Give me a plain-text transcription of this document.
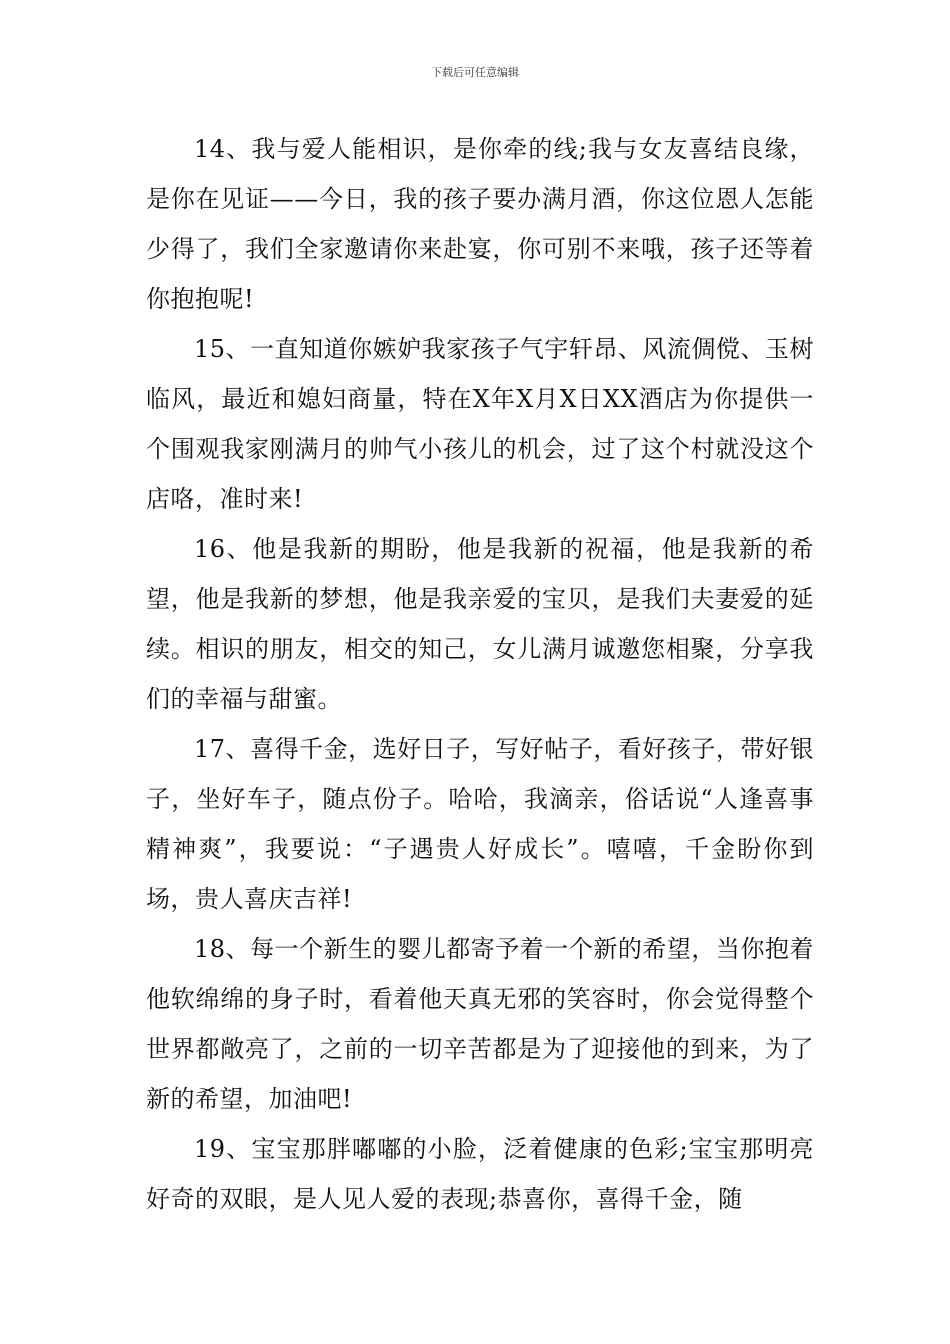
下载后可任意编辑

14、我与爱人能相识，是你牵的线;我与女友喜结良缘，是你在见证——今日，我的孩子要办满月酒，你这位恩人怎能少得了，我们全家邀请你来赴宴，你可别不来哦，孩子还等着你抱抱呢!

15、一直知道你嫉妒我家孩子气宇轩昂、风流倜傥、玉树临风，最近和媳妇商量，特在X年X月X日XX酒店为你提供一个围观我家刚满月的帅气小孩儿的机会，过了这个村就没这个店咯，准时来!

16、他是我新的期盼，他是我新的祝福，他是我新的希望，他是我新的梦想，他是我亲爱的宝贝，是我们夫妻爱的延续。相识的朋友，相交的知己，女儿满月诚邀您相聚，分享我们的幸福与甜蜜。

17、喜得千金，选好日子，写好帖子，看好孩子，带好银子，坐好车子，随点份子。哈哈，我滴亲，俗话说“人逢喜事精神爽”，我要说：“子遇贵人好成长”。嘻嘻，千金盼你到场，贵人喜庆吉祥!

18、每一个新生的婴儿都寄予着一个新的希望，当你抱着他软绵绵的身子时，看着他天真无邪的笑容时，你会觉得整个世界都敞亮了，之前的一切辛苦都是为了迎接他的到来，为了新的希望，加油吧!

19、宝宝那胖嘟嘟的小脸，泛着健康的色彩;宝宝那明亮好奇的双眼，是人见人爱的表现;恭喜你，喜得千金，随
